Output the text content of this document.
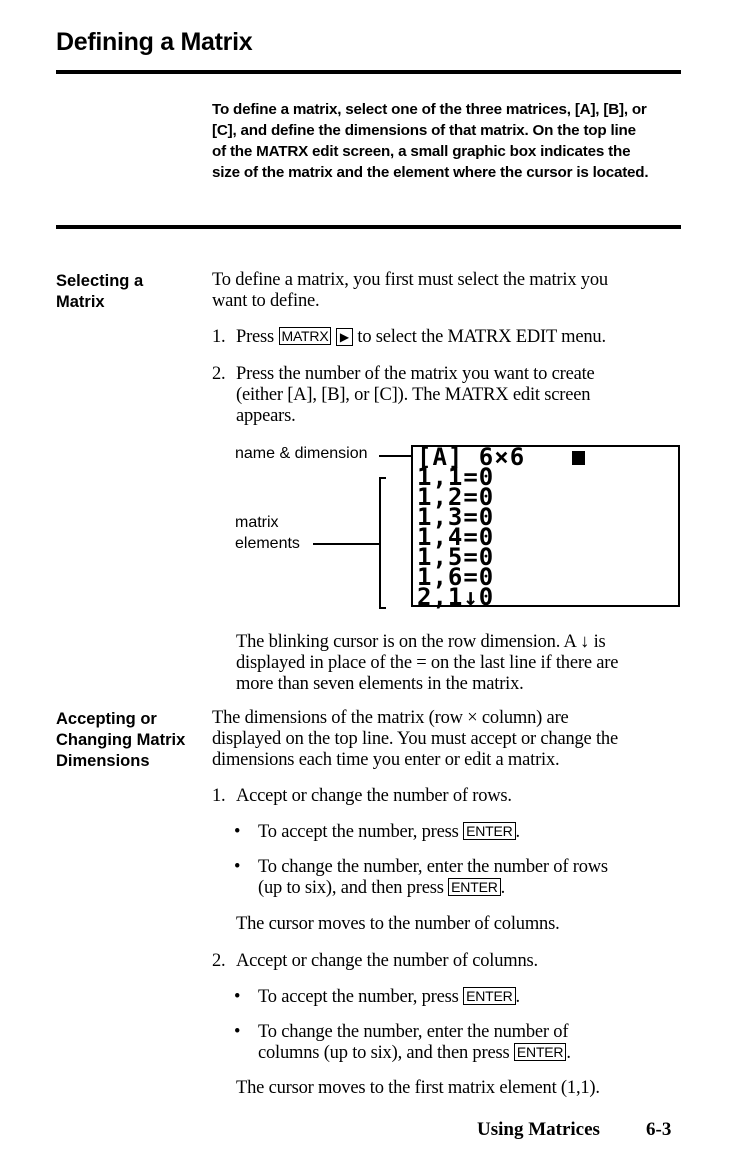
Defining a Matrix
To define a matrix, select one of the three matrices, [A], [B], or
[C], and define the dimensions of that matrix. On the top line
of the MATRX edit screen, a small graphic box indicates the
size of the matrix and the element where the cursor is located.
Selecting a
Matrix
To define a matrix, you first must select the matrix you
want to define.
1. Press MATRX ▶ to select the MATRX EDIT menu.
2. Press the number of the matrix you want to create
(either [A], [B], or [C]). The MATRX edit screen
appears.
name & dimension
matrix
elements
[A] 6×6
1,1=0
1,2=0
1,3=0
1,4=0
1,5=0
1,6=0
2,1↓0
The blinking cursor is on the row dimension. A ↓ is
displayed in place of the = on the last line if there are
more than seven elements in the matrix.
Accepting or
Changing Matrix
Dimensions
The dimensions of the matrix (row × column) are
displayed on the top line. You must accept or change the
dimensions each time you enter or edit a matrix.
1. Accept or change the number of rows.
• To accept the number, press ENTER .
• To change the number, enter the number of rows
(up to six), and then press ENTER .
The cursor moves to the number of columns.
2. Accept or change the number of columns.
• To accept the number, press ENTER .
• To change the number, enter the number of
columns (up to six), and then press ENTER .
The cursor moves to the first matrix element (1,1).
Using Matrices 6-3
